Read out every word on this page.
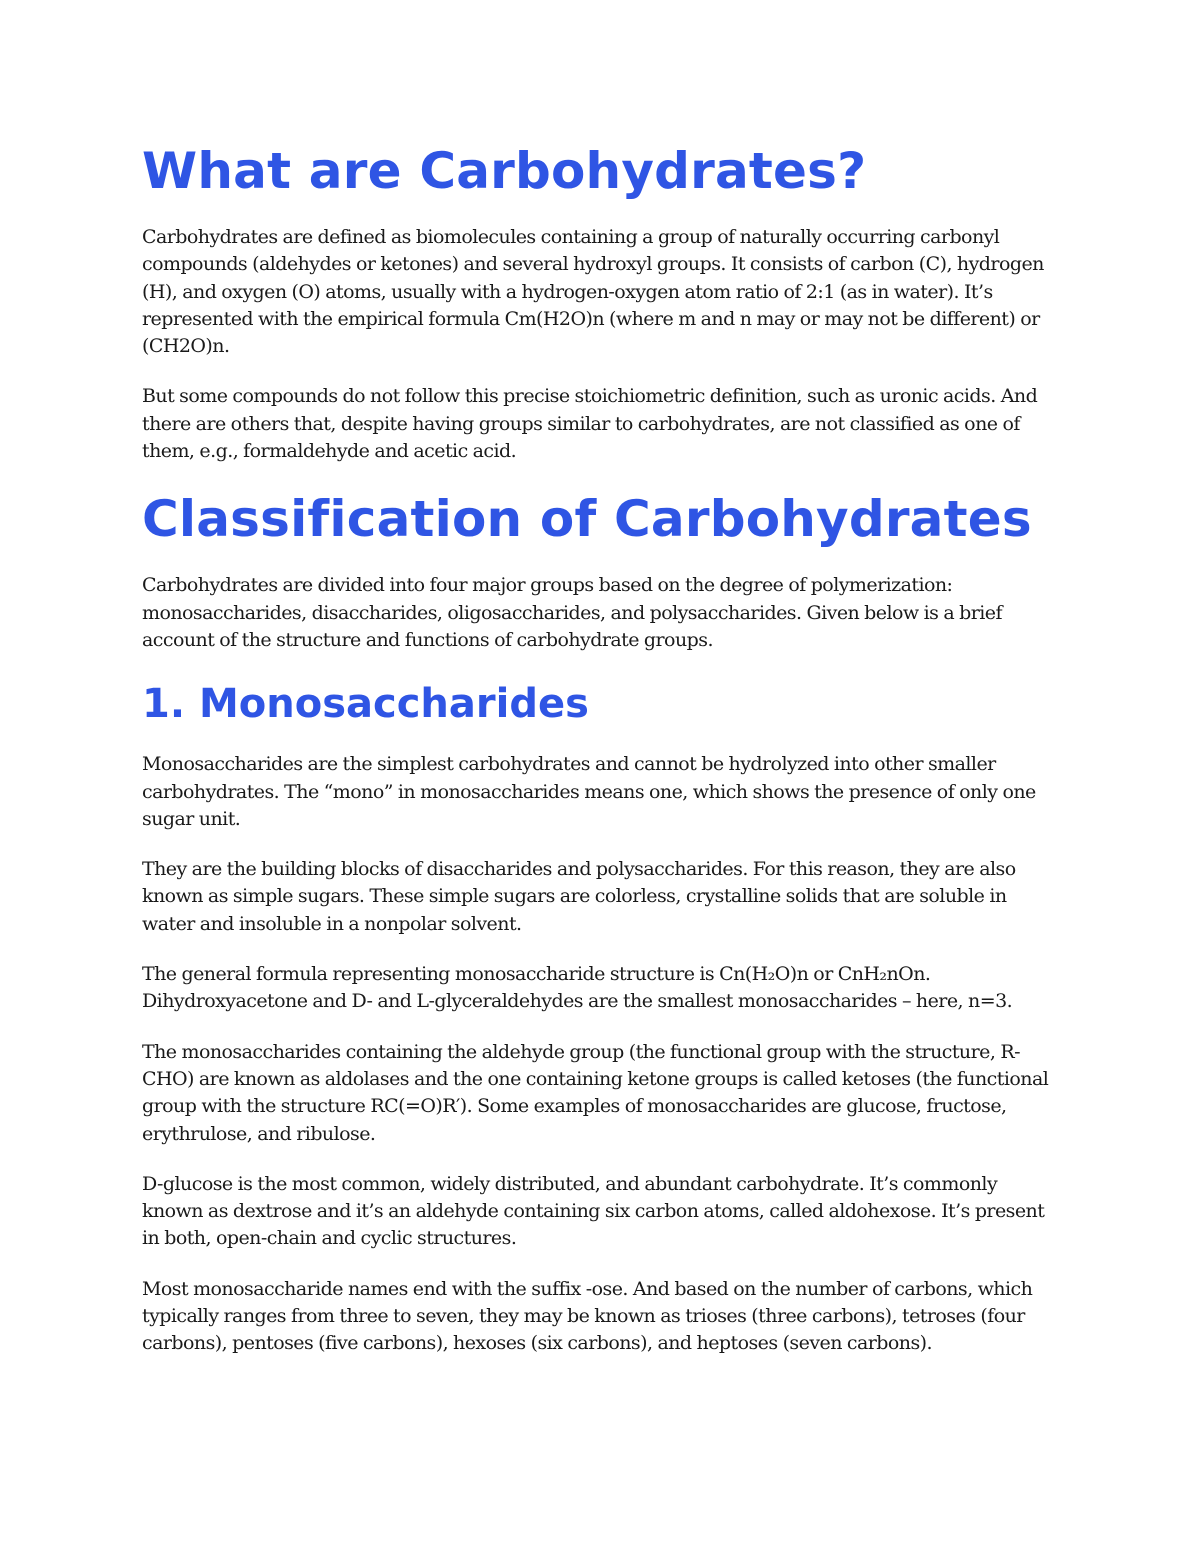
What are Carbohydrates?

Carbohydrates are defined as biomolecules containing a group of naturally occurring carbonyl compounds (aldehydes or ketones) and several hydroxyl groups. It consists of carbon (C), hydrogen (H), and oxygen (O) atoms, usually with a hydrogen-oxygen atom ratio of 2:1 (as in water). It’s represented with the empirical formula Cm(H2O)n (where m and n may or may not be different) or (CH2O)n.

But some compounds do not follow this precise stoichiometric definition, such as uronic acids. And there are others that, despite having groups similar to carbohydrates, are not classified as one of them, e.g., formaldehyde and acetic acid.

Classification of Carbohydrates

Carbohydrates are divided into four major groups based on the degree of polymerization: monosaccharides, disaccharides, oligosaccharides, and polysaccharides. Given below is a brief account of the structure and functions of carbohydrate groups.

1. Monosaccharides

Monosaccharides are the simplest carbohydrates and cannot be hydrolyzed into other smaller carbohydrates. The “mono” in monosaccharides means one, which shows the presence of only one sugar unit.

They are the building blocks of disaccharides and polysaccharides. For this reason, they are also known as simple sugars. These simple sugars are colorless, crystalline solids that are soluble in water and insoluble in a nonpolar solvent.

The general formula representing monosaccharide structure is Cn(H₂O)n or CnH₂nOn. Dihydroxyacetone and D- and L-glyceraldehydes are the smallest monosaccharides – here, n=3.

The monosaccharides containing the aldehyde group (the functional group with the structure, R-CHO) are known as aldolases and the one containing ketone groups is called ketoses (the functional group with the structure RC(=O)R′). Some examples of monosaccharides are glucose, fructose, erythrulose, and ribulose.

D-glucose is the most common, widely distributed, and abundant carbohydrate. It’s commonly known as dextrose and it’s an aldehyde containing six carbon atoms, called aldohexose. It’s present in both, open-chain and cyclic structures.

Most monosaccharide names end with the suffix -ose. And based on the number of carbons, which typically ranges from three to seven, they may be known as trioses (three carbons), tetroses (four carbons), pentoses (five carbons), hexoses (six carbons), and heptoses (seven carbons).
